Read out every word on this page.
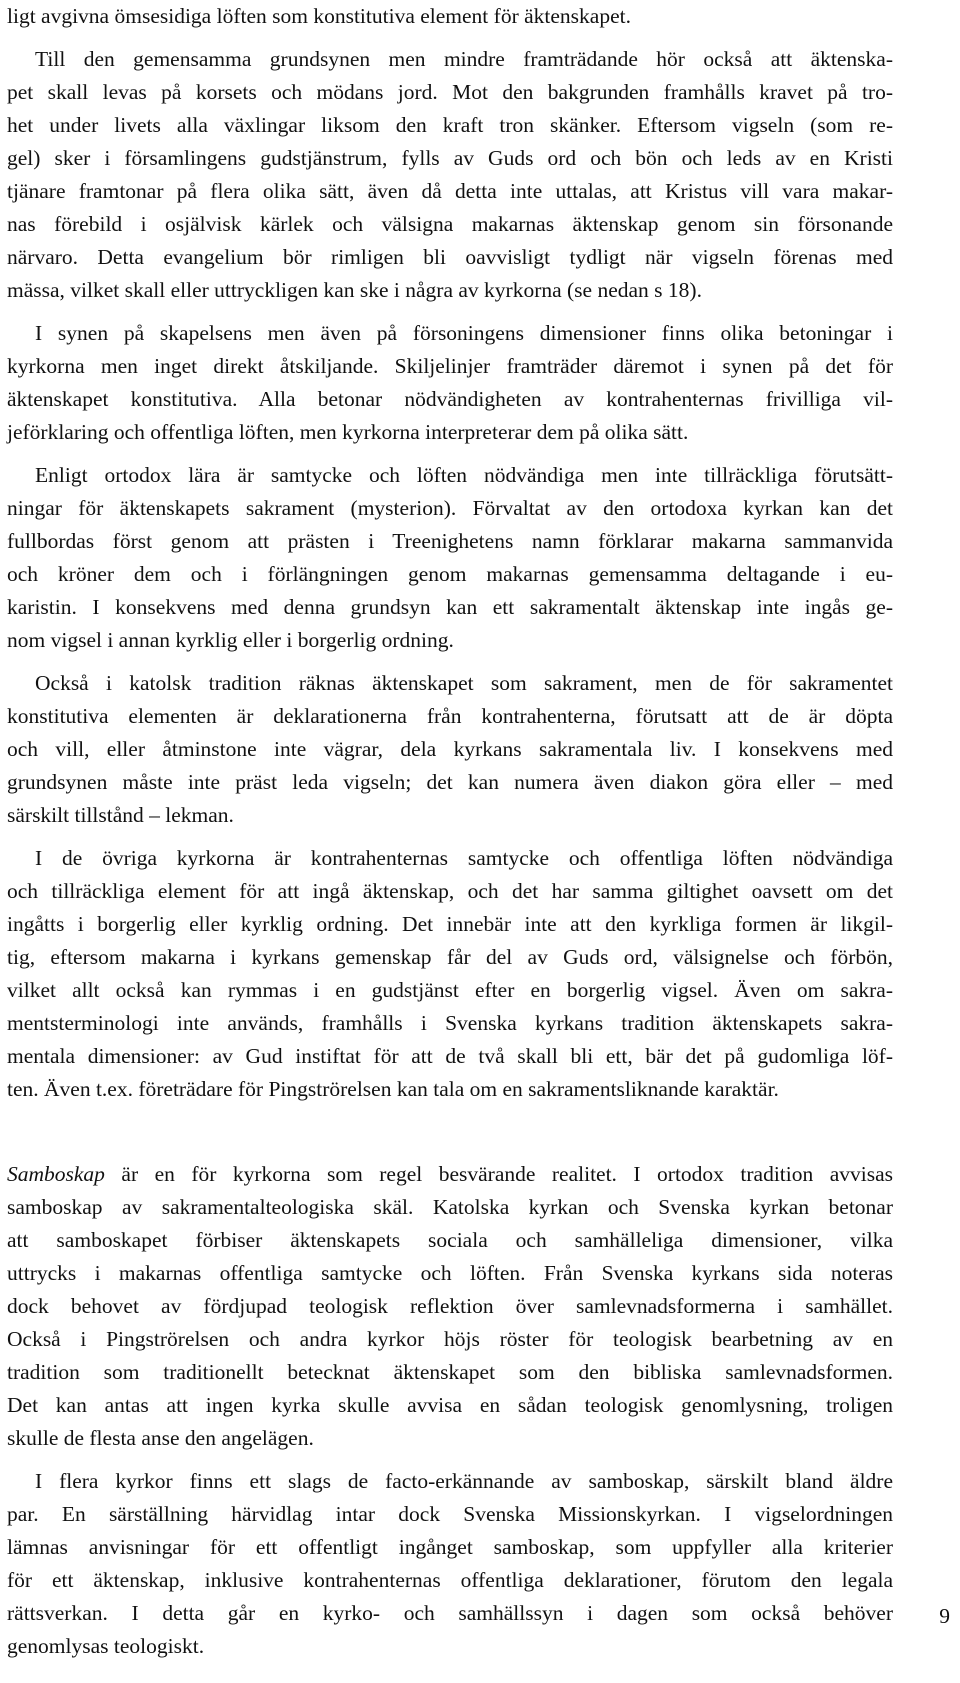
ligt avgivna ömsesidiga löften som konstitutiva element för äktenskapet.

Till den gemensamma grundsynen men mindre framträdande hör också att äktenska-
pet skall levas på korsets och mödans jord. Mot den bakgrunden framhålls kravet på tro-
het under livets alla växlingar liksom den kraft tron skänker. Eftersom vigseln (som re-
gel) sker i församlingens gudstjänstrum, fylls av Guds ord och bön och leds av en Kristi
tjänare framtonar på flera olika sätt, även då detta inte uttalas, att Kristus vill vara makar-
nas förebild i osjälvisk kärlek och välsigna makarnas äktenskap genom sin försonande
närvaro. Detta evangelium bör rimligen bli oavvisligt tydligt när vigseln förenas med
mässa, vilket skall eller uttryckligen kan ske i några av kyrkorna (se nedan s 18).

I synen på skapelsens men även på försoningens dimensioner finns olika betoningar i
kyrkorna men inget direkt åtskiljande. Skiljelinjer framträder däremot i synen på det för
äktenskapet konstitutiva. Alla betonar nödvändigheten av kontrahenternas frivilliga vil-
jeförklaring och offentliga löften, men kyrkorna interpreterar dem på olika sätt.

Enligt ortodox lära är samtycke och löften nödvändiga men inte tillräckliga förutsätt-
ningar för äktenskapets sakrament (mysterion). Förvaltat av den ortodoxa kyrkan kan det
fullbordas först genom att prästen i Treenighetens namn förklarar makarna sammanvida
och kröner dem och i förlängningen genom makarnas gemensamma deltagande i eu-
karistin. I konsekvens med denna grundsyn kan ett sakramentalt äktenskap inte ingås ge-
nom vigsel i annan kyrklig eller i borgerlig ordning.

Också i katolsk tradition räknas äktenskapet som sakrament, men de för sakramentet
konstitutiva elementen är deklarationerna från kontrahenterna, förutsatt att de är döpta
och vill, eller åtminstone inte vägrar, dela kyrkans sakramentala liv. I konsekvens med
grundsynen måste inte präst leda vigseln; det kan numera även diakon göra eller – med
särskilt tillstånd – lekman.

I de övriga kyrkorna är kontrahenternas samtycke och offentliga löften nödvändiga
och tillräckliga element för att ingå äktenskap, och det har samma giltighet oavsett om det
ingåtts i borgerlig eller kyrklig ordning. Det innebär inte att den kyrkliga formen är likgil-
tig, eftersom makarna i kyrkans gemenskap får del av Guds ord, välsignelse och förbön,
vilket allt också kan rymmas i en gudstjänst efter en borgerlig vigsel. Även om sakra-
mentsterminologi inte används, framhålls i Svenska kyrkans tradition äktenskapets sakra-
mentala dimensioner: av Gud instiftat för att de två skall bli ett, bär det på gudomliga löf-
ten. Även t.ex. företrädare för Pingströrelsen kan tala om en sakramentsliknande karaktär.

Samboskap är en för kyrkorna som regel besvärande realitet. I ortodox tradition avvisas
samboskap av sakramentalteologiska skäl. Katolska kyrkan och Svenska kyrkan betonar
att samboskapet förbiser äktenskapets sociala och samhälleliga dimensioner, vilka
uttrycks i makarnas offentliga samtycke och löften. Från Svenska kyrkans sida noteras
dock behovet av fördjupad teologisk reflektion över samlevnadsformerna i samhället.
Också i Pingströrelsen och andra kyrkor höjs röster för teologisk bearbetning av en
tradition som traditionellt betecknat äktenskapet som den bibliska samlevnadsformen.
Det kan antas att ingen kyrka skulle avvisa en sådan teologisk genomlysning, troligen
skulle de flesta anse den angelägen.

I flera kyrkor finns ett slags de facto-erkännande av samboskap, särskilt bland äldre
par. En särställning härvidlag intar dock Svenska Missionskyrkan. I vigselordningen
lämnas anvisningar för ett offentligt ingånget samboskap, som uppfyller alla kriterier
för ett äktenskap, inklusive kontrahenternas offentliga deklarationer, förutom den legala
rättsverkan. I detta går en kyrko- och samhällssyn i dagen som också behöver
genomlysas teologiskt.

9
